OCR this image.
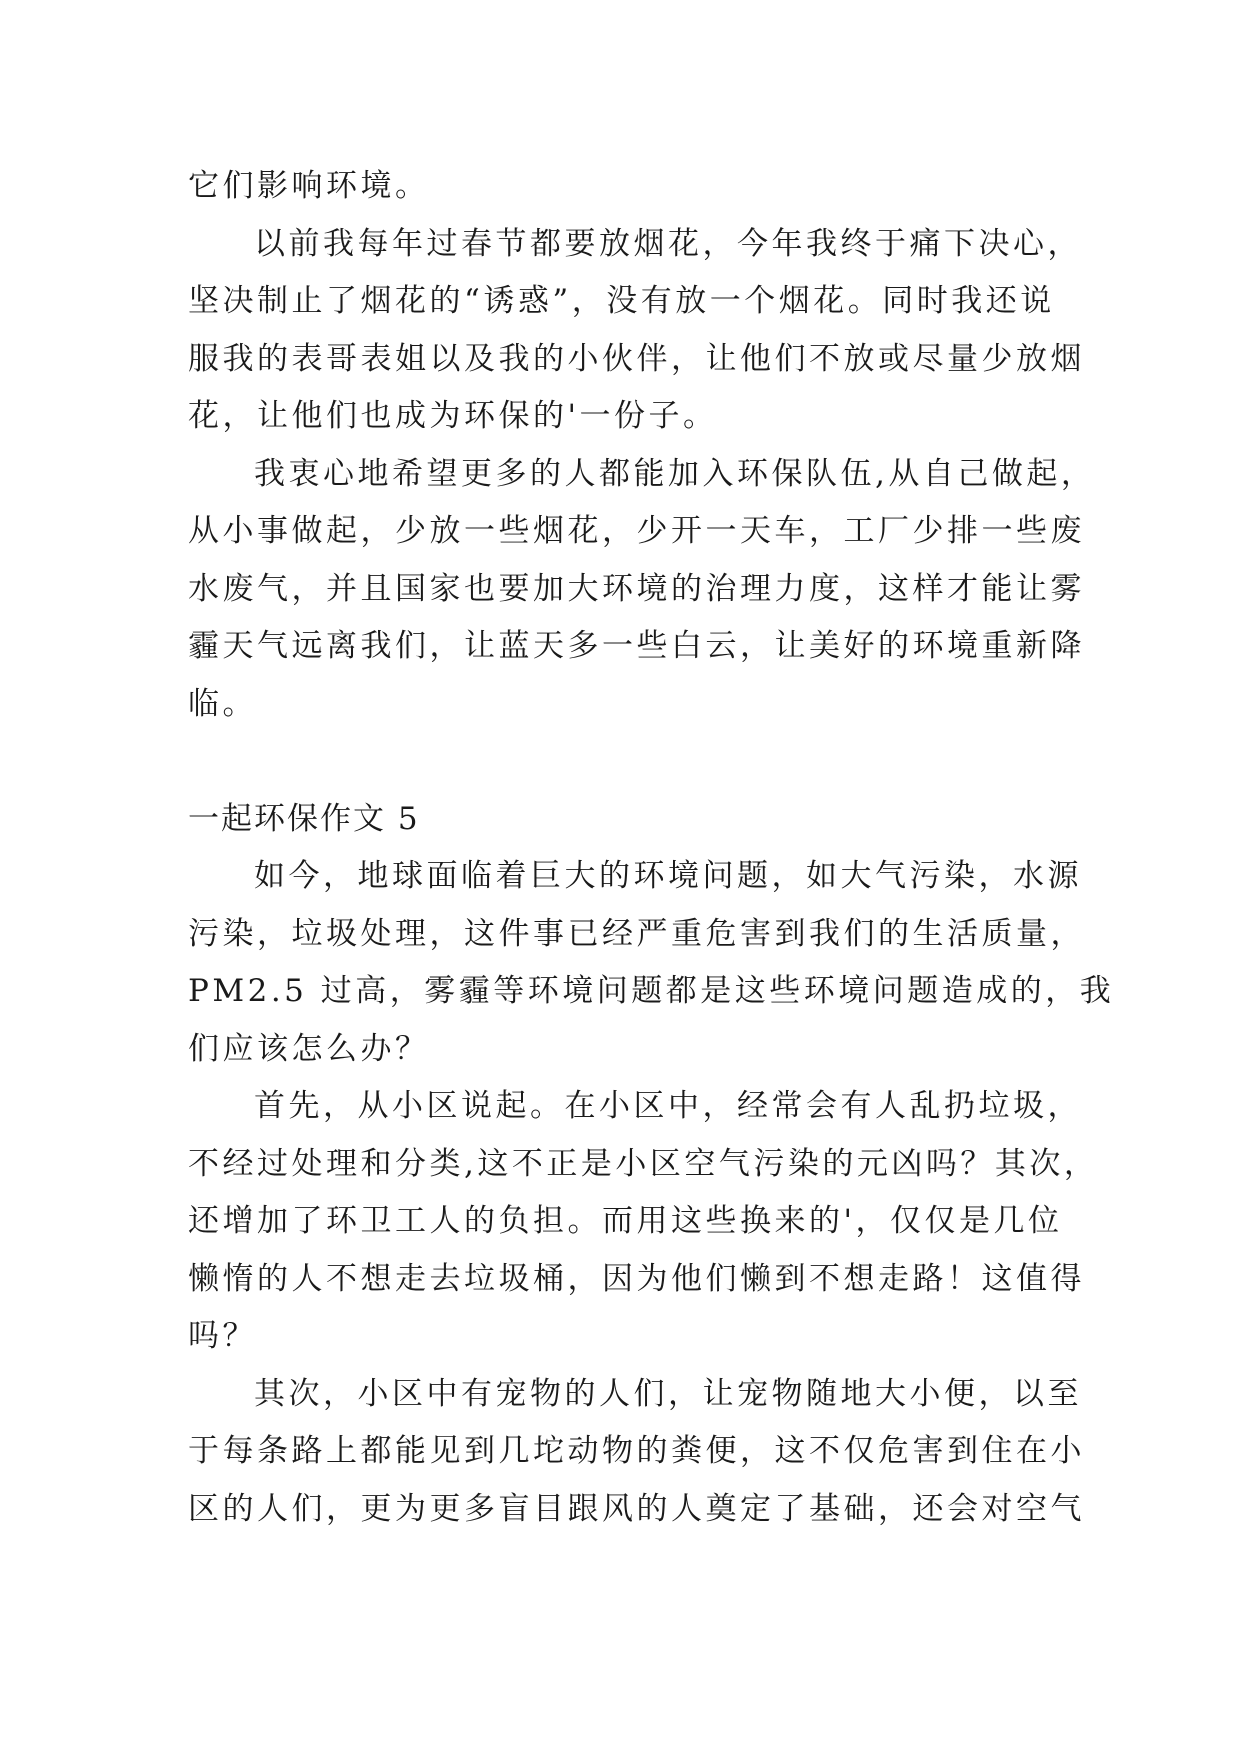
它们影响环境。
以前我每年过春节都要放烟花，今年我终于痛下决心，
坚决制止了烟花的“诱惑”，没有放一个烟花。同时我还说
服我的表哥表姐以及我的小伙伴，让他们不放或尽量少放烟
花，让他们也成为环保的'一份子。
我衷心地希望更多的人都能加入环保队伍,从自己做起，
从小事做起，少放一些烟花，少开一天车，工厂少排一些废
水废气，并且国家也要加大环境的治理力度，这样才能让雾
霾天气远离我们，让蓝天多一些白云，让美好的环境重新降
临。
一起环保作文 5
如今，地球面临着巨大的环境问题，如大气污染，水源
污染，垃圾处理，这件事已经严重危害到我们的生活质量，
PM2.5 过高，雾霾等环境问题都是这些环境问题造成的，我
们应该怎么办？
首先，从小区说起。在小区中，经常会有人乱扔垃圾，
不经过处理和分类,这不正是小区空气污染的元凶吗？其次，
还增加了环卫工人的负担。而用这些换来的'，仅仅是几位
懒惰的人不想走去垃圾桶，因为他们懒到不想走路！这值得
吗？
其次，小区中有宠物的人们，让宠物随地大小便，以至
于每条路上都能见到几坨动物的粪便，这不仅危害到住在小
区的人们，更为更多盲目跟风的人奠定了基础，还会对空气
